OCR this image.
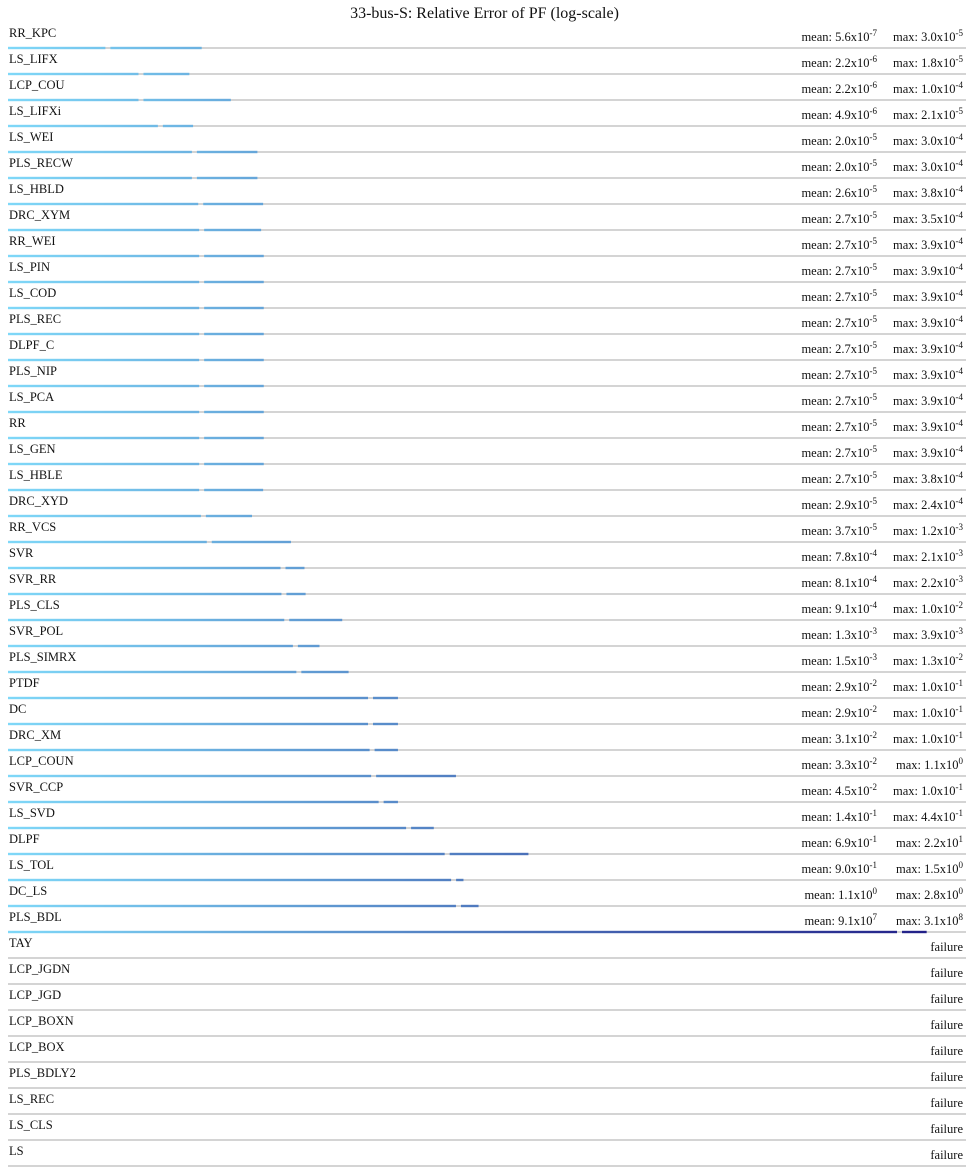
33-bus-S: Relative Error of PF (log-scale)
RR_KPC	mean: $5.6x10^{-7}$ max: $3.0x10^{-5}$
LS_LIFX	mean: $2.2x10^{-6}$ max: $1.8x10^{-5}$
LCP_COU	mean: $2.2x10^{-6}$ max: $1.0x10^{-4}$
LS_LIFXi	mean: $4.9x10^{-6}$ max: $2.1x10^{-5}$
LS_WEI	mean: $2.0x10^{-5}$ max: $3.0x10^{-4}$
PLS_RECW	mean: $2.0x10^{-5}$ max: $3.0x10^{-4}$
LS_HBLD	mean: $2.6x10^{-5}$ max: $3.8x10^{-4}$
DRC_XYM	mean: $2.7x10^{-5}$ max: $3.5x10^{-4}$
RR_WEI	mean: $2.7x10^{-5}$ max: $3.9x10^{-4}$
LS_PIN	mean: $2.7x10^{-5}$ max: $3.9x10^{-4}$
LS_COD	mean: $2.7x10^{-5}$ max: $3.9x10^{-4}$
PLS_REC	mean: $2.7x10^{-5}$ max: $3.9x10^{-4}$
DLPF_C	mean: $2.7x10^{-5}$ max: $3.9x10^{-4}$
PLS_NIP	mean: $2.7x10^{-5}$ max: $3.9x10^{-4}$
LS_PCA	mean: $2.7x10^{-5}$ max: $3.9x10^{-4}$
RR	mean: $2.7x10^{-5}$ max: $3.9x10^{-4}$
LS_GEN	mean: $2.7x10^{-5}$ max: $3.9x10^{-4}$
LS_HBLE	mean: $2.7x10^{-5}$ max: $3.8x10^{-4}$
DRC_XYD	mean: $2.9x10^{-5}$ max: $2.4x10^{-4}$
RR_VCS	mean: $3.7x10^{-5}$ max: $1.2x10^{-3}$
SVR	mean: $7.8x10^{-4}$ max: $2.1x10^{-3}$
SVR_RR	mean: $8.1x10^{-4}$ max: $2.2x10^{-3}$
PLS_CLS	mean: $9.1x10^{-4}$ max: $1.0x10^{-2}$
SVR_POL	mean: $1.3x10^{-3}$ max: $3.9x10^{-3}$
PLS_SIMRX	mean: $1.5x10^{-3}$ max: $1.3x10^{-2}$
PTDF	mean: $2.9x10^{-2}$ max: $1.0x10^{-1}$
DC	mean: $2.9x10^{-2}$ max: $1.0x10^{-1}$
DRC_XM	mean: $3.1x10^{-2}$ max: $1.0x10^{-1}$
LCP_COUN	mean: $3.3x10^{-2}$ max: $1.1x10^0$
SVR_CCP	mean: $4.5x10^{-2}$ max: $1.0x10^{-1}$
LS_SVD	mean: $1.4x10^{-1}$ max: $4.4x10^{-1}$
DLPF	mean: $6.9x10^{-1}$ max: $2.2x10^1$
LS_TOL	mean: $9.0x10^{-1}$ max: $1.5x10^0$
DC_LS	mean: $1.1x10^0$ max: $2.8x10^0$
PLS_BDL	mean: $9.1x10^7$ max: $3.1x10^8$
TAY	failure
LCP_JGDN	failure
LCP_JGD	failure
LCP_BOXN	failure
LCP_BOX	failure
PLS_BDLY2	failure
LS_REC	failure
LS_CLS	failure
LS	failure
